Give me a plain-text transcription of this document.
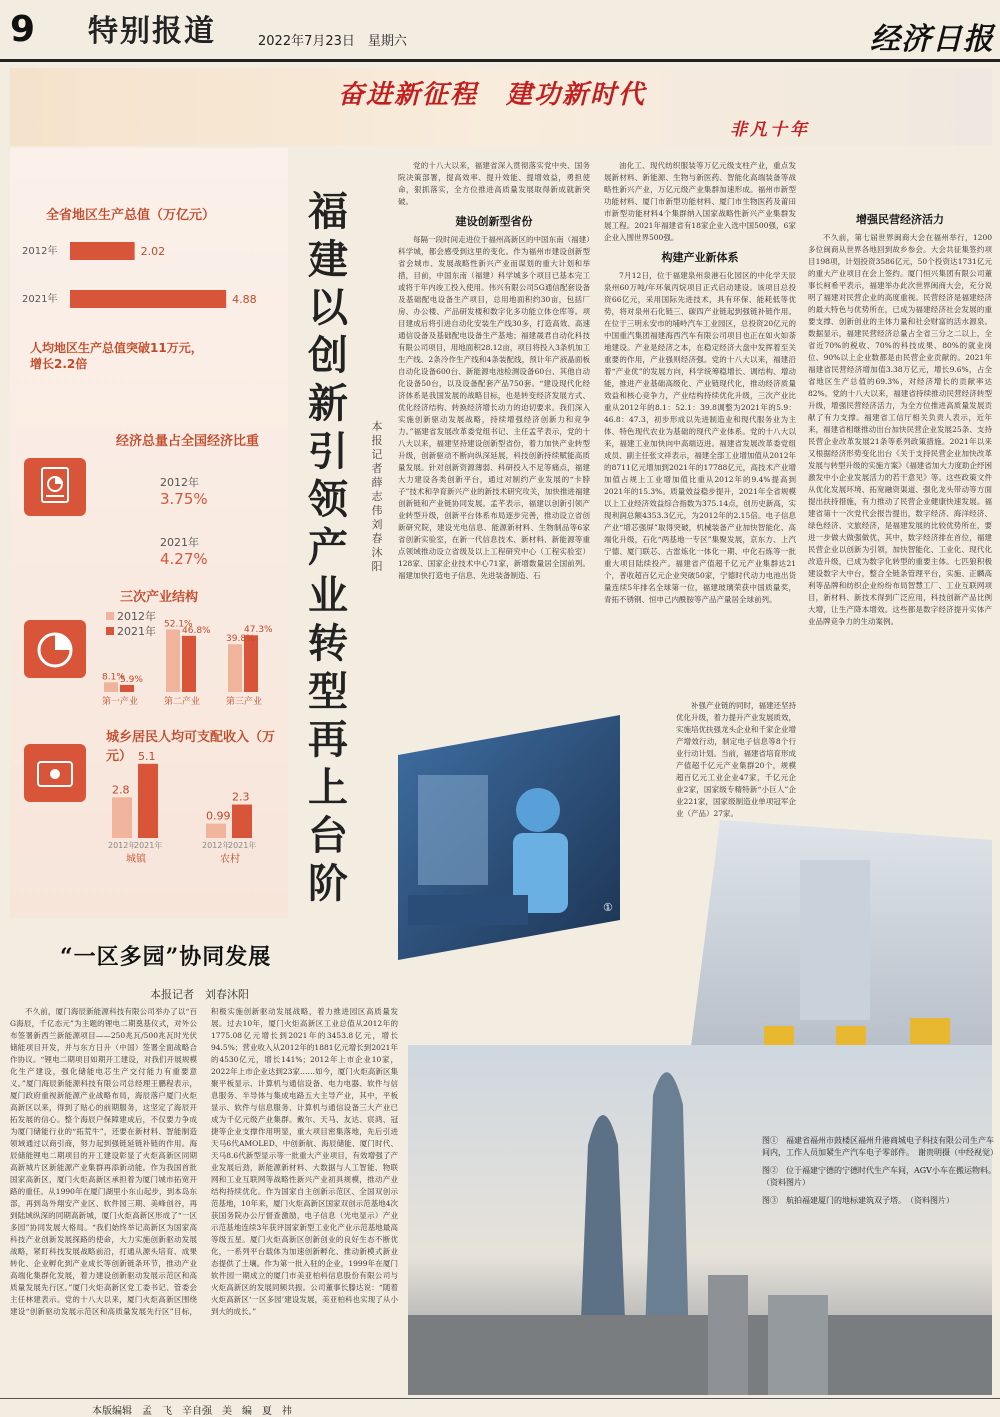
9 特别报道	2022年7月23日　星期六	经济日报
奋进新征程　建功新时代
非凡十年
全省地区生产总值（万亿元）
2012年	2.02
2021年	4.88
人均地区生产总值突破11万元，增长2.2倍
经济总量占全国经济比重
2012年
3.75%
2021年
4.27%
三次产业结构
2012年
2021年
8.1%
5.9%
第一产业
52.1%
46.8%
第二产业
39.8%
47.3%
第三产业
城乡居民人均可支配收入（万元）
2.8
5.1
2012年
2021年
城镇
0.99
2.3
2012年
2021年
农村
福建以创新引领产业转型再上台阶
本报记者　薛志伟　刘春沐阳

党的十八大以来，福建省深入贯彻落实党中央、国务院决策部署，提高效率、提升效能、提增效益，勇担使命，狠抓落实，全方位推进高质量发展取得新成就新突破。

建设创新型省份

每隔一段时间走进位于福州高新区的中国东南（福建）科学城，都会感受到这里的变化。作为福州市建设创新型省会城市、发展战略性新兴产业而谋划的重大计划和举措，目前，中国东南（福建）科学城多个项目已基本完工或将于年内竣工投入使用。伟兴有限公司5G通信配套设备及基础配电设备生产项目，总用地面积约30亩，包括厂房、办公楼、产品研发楼和数字化多功能立体仓库等。项目建成后将引进自动化安装生产线30多，打造高效、高速通信设备及基础配电设备生产基地；福建晟君自动化科技有限公司项目，用地面积28.12亩，项目将投入3条机加工生产线、2条冷作生产线和4条装配线，预计年产液晶面板自动化设备600台、新能源电池检测设备60台、其他自动化设备50台，以及设备配套产品750套。“建设现代化经济体系是我国发展的战略目标，也是转变经济发展方式、优化经济结构、转换经济增长动力的迫切要求。我们深入实施创新驱动发展战略，持续增强经济创新力和竞争力。”福建省发展改革委党组书记、主任孟芊表示，党的十八大以来，福建坚持建设创新型省份，着力加快产业转型升级，创新驱动不断向纵深延展，科技创新持续赋能高质量发展。针对创新资源薄弱、科研投入不足等痛点，福建大力建设各类创新平台，通过对制约产业发展的“卡脖子”技术和孕育新兴产业的新技术研究攻关，加快推进福建创新链和产业链协同发展。孟芊表示，福建以创新引领产业转型升级，创新平台体系布局逐步完善，推动设立省创新研究院，建设光电信息、能源新材料、生物制品等6家省创新实验室，在新一代信息技术、新材料、新能源等重点领域推动设立省级及以上工程研究中心（工程实验室）128家、国家企业技术中心71家，新增数量居全国前列。福建加快打造电子信息、先进装备制造、石

油化工、现代纺织服装等万亿元级支柱产业，重点发展新材料、新能源、生物与新医药、智能化高端装备等战略性新兴产业，万亿元级产业集群加速形成。福州市新型功能材料、厦门市新型功能材料、厦门市生物医药及莆田市新型功能材料4个集群纳入国家战略性新兴产业集群发展工程。2021年福建省有18家企业入选中国500强，6家企业入围世界500强。

构建产业新体系

7月12日，位于福建泉州泉港石化园区的中化学天辰泉州60万吨/年环氧丙烷项目正式启动建设。该项目总投资66亿元，采用国际先进技术，具有环保、能耗低等优势，将对泉州石化链三、碳四产业链起到强链补链作用。在位于三明永安市的埔岭汽车工业园区，总投资20亿元的中国重汽集团福建海西汽车有限公司项目也正在如火如荼地建设。产业是经济之本，在稳定经济大盘中发挥着至关重要的作用，产业强则经济强。党的十八大以来，福建沿着“产业优”的发展方向，科学统筹稳增长、调结构、增动能，推进产业基础高级化、产业链现代化，推动经济质量效益和核心竞争力，产业结构持续优化升级，三次产业比重从2012年的8.1：52.1：39.8调整为2021年的5.9：46.8：47.3，初步形成以先进制造业和现代服务业为主体、特色现代农业为基础的现代产业体系。党的十八大以来，福建工业加快向中高端迈进。福建省发展改革委党组成员、副主任张文祥表示，福建全部工业增加值从2012年的8711亿元增加到2021年的17788亿元，高技术产业增加值占规上工业增加值比重从2012年的9.4%提高到2021年的15.3%。质量效益稳步提升，2021年全省规模以上工业经济效益综合指数为375.14点，创历史新高，实现利润总额4353.3亿元，为2012年的2.15倍。电子信息产业“增芯强屏”取得突破，机械装备产业加快智能化、高端化升级，石化“两基地一专区”集聚发展，京东方、上汽宁德、厦门联芯、古雷炼化一体化一期、中化石炼等一批重大项目陆续投产。福建省产值超千亿元产业集群达21个，普收超百亿元企业突破50家，宁德时代动力电池出货量连续5年排名全球第一位，福建玻璃荣获中国质量奖，青拓不锈钢、恒申己内酰胺等产品产量居全球前列。

补强产业链的同时，福建还坚持优化升级，着力提升产业发展质效，实施培优扶强龙头企业和千家企业增产增效行动，制定电子信息等8个行业行动计划。当前，福建省培育形成产值超千亿元产业集群20个，规模超百亿元工业企业47家，千亿元企业2家，国家级专精特新“小巨人”企业221家，国家级制造业单项冠军企业（产品）27家。

增强民营经济活力

不久前，第七届世界闽商大会在福州举行，1200多位闽商从世界各地回到故乡参会。大会共征集签约项目198项，计划投资3586亿元，50个投资达1731亿元的重大产业项目在会上签约。厦门恒兴集团有限公司董事长柯希平表示，福建举办此次世界闽商大会，充分说明了福建对民营企业的高度重视。民营经济是福建经济的最大特色与优势所在，已成为福建经济社会发展的重要支撑、创新创业的主体力量和社会财富的活水源泉。数据显示，福建民营经济总量占全省三分之二以上，全省近70%的税收、70%的科技成果、80%的就业岗位、90%以上企业数都是由民营企业贡献的。2021年福建省民营经济增加值3.38万亿元，增长9.6%，占全省地区生产总值的69.3%，对经济增长的贡献率达82%。党的十八大以来，福建省持续推动民营经济转型升级，增强民营经济活力，为全方位推进高质量发展贡献了有力支撑。福建省工信厅相关负责人表示，近年来，福建省相继推动出台加快民营企业发展25条、支持民营企业改革发展21条等系列政策措施。2021年以来又根据经济形势变化出台《关于支持民营企业加快改革发展与转型升级的实施方案》《福建省加大力度助企纾困激发中小企业发展活力的若干意见》等。这些政策文件从优化发展环境、拓宽融资渠道、强化龙头带动等方面提出扶持措施，有力推动了民营企业健康快速发展。福建省第十一次党代会报告提出，数字经济、海洋经济、绿色经济、文旅经济，是福建发展的比较优势所在，要进一步做大做强做优，其中，数字经济排在首位，福建民营企业以创新为引领，加快智能化、工业化、现代化改造升级，已成为数字化转型的重要主体。七匹狼积极建设数字大中台，整合全链条管理平台，实施、正麟高利等品牌和纺织企业纷纷布局智慧工厂、工业互联网项目，新材料、新技术得到广泛应用，科技创新产品比例大增，让生产降本增效。这些都是数字经济提升实体产业品牌竞争力的生动案例。

①
图①　福建省福州市鼓楼区福州升港商城电子科技有限公司生产车间内，工作人员加紧生产汽车电子零部件。　谢贵明摄（中经视觉）
图②　位于福建宁德的宁德时代生产车间，AGV小车在搬运物料。　（资料图片）
图③　航拍福建厦门的地标建筑双子塔。　（资料图片）
“一区多园”协同发展
本报记者　刘春沐阳

不久前，厦门海辰新能源科技有限公司举办了以“百G海辰，千亿态元”为主题的锂电二期奠基仪式，对外公布签署新西兰新能源项目——250兆瓦/500兆瓦时光伏储能项目开发，并与东方日升（中国）签署全面战略合作协议。“锂电二期项目如期开工建设，对我们开展规模化生产建设，强化储能电芯生产交付能力有重要意义。”厦门海辰新能源科技有限公司总经理王鹏程表示，厦门政府重视新能源产业战略布局，海辰落户厦门火炬高新区以来，得到了贴心的前期服务，这坚定了海辰开拓发展的信心。整个海辰户保障建成后，不仅要力争成为厦门储能行业的“拓荒牛”，还要在新材料、智能制造领域通过以商引商，努力起到强链延链补链的作用。海辰储能锂电二期项目的开工建设彰显了火炬高新区同期高新城片区新能源产业集群再添新动能。作为我国首批国家高新区，厦门火炬高新区承担着为厦门城市拓宽开路的重任。从1990年在厦门湖里小东山起步，到本岛东部，再到岛外翔安产业区、软件园三期、美峰创谷，再到陆域纵深的同期高新城，厦门火炬高新区形成了“一区多园”协同发展大格局。“我们始终举记高新区为国家高科技产业创新发展探路的使命，大力实施创新驱动发展战略，紧盯科技发展战略前沿，打通从源头培育、成果转化、企业孵化到产业成长等创新链条环节，推动产业高端化集群化发展，着力建设创新驱动发展示范区和高质量发展先行区。”厦门火炬高新区党工委书记、管委会主任林建表示。党的十八大以来，厦门火炬高新区围绕建设“创新驱动发展示范区和高质量发展先行区”目标，积极实施创新驱动发展战略，着力推进园区高质量发展。过去10年，厦门火炬高新区工业总值从2012年的1775.08亿元增长到2021年的3453.8亿元，增长94.5%；营业收入从2012年的1881亿元增长到2021年的4530亿元，增长141%；2012年上市企业10家，2022年上市企业达到23家……如今，厦门火炬高新区集聚平板显示、计算机与通信设备、电力电器、软件与信息服务、半导体与集成电路五大主导产业，其中，平板显示、软件与信息服务、计算机与通信设备三大产业已成为千亿元级产业集群。戴尔、天马、友达、宸鸿、冠捷等企业支撑作用明显，重大项目密集落地，先后引进天马6代AMOLED、中创新航、海辰储能、厦门时代、天马8.6代新型显示等一批重大产业项目，有效增强了产业发展后劲，新能源新材料、大数据与人工智能、物联网和工业互联网等战略性新兴产业初具规模，推动产业结构持续优化。作为国家自主创新示范区、全国双创示范基地，10年来，厦门火炬高新区国家双创示范基地4次获国务院办公厅督查激励，电子信息（光电显示）产业示范基地连续3年获评国家新型工业化产业示范基地最高等级五星。厦门火炬高新区创新创业的良好生态不断优化，一系列平台载体为加速创新孵化、推动新模式新业态提供了土壤。作为第一批入驻的企业，1999年在厦门软件园一期成立的厦门市美亚柏科信息股份有限公司与火炬高新区的发展同频共振。公司董事长滕达说：“随着火炬高新区‘一区多园’建设发展，美亚柏科也实现了从小到大的成长。”

本版编辑　孟　飞　辛自强　美　编　夏　祎
